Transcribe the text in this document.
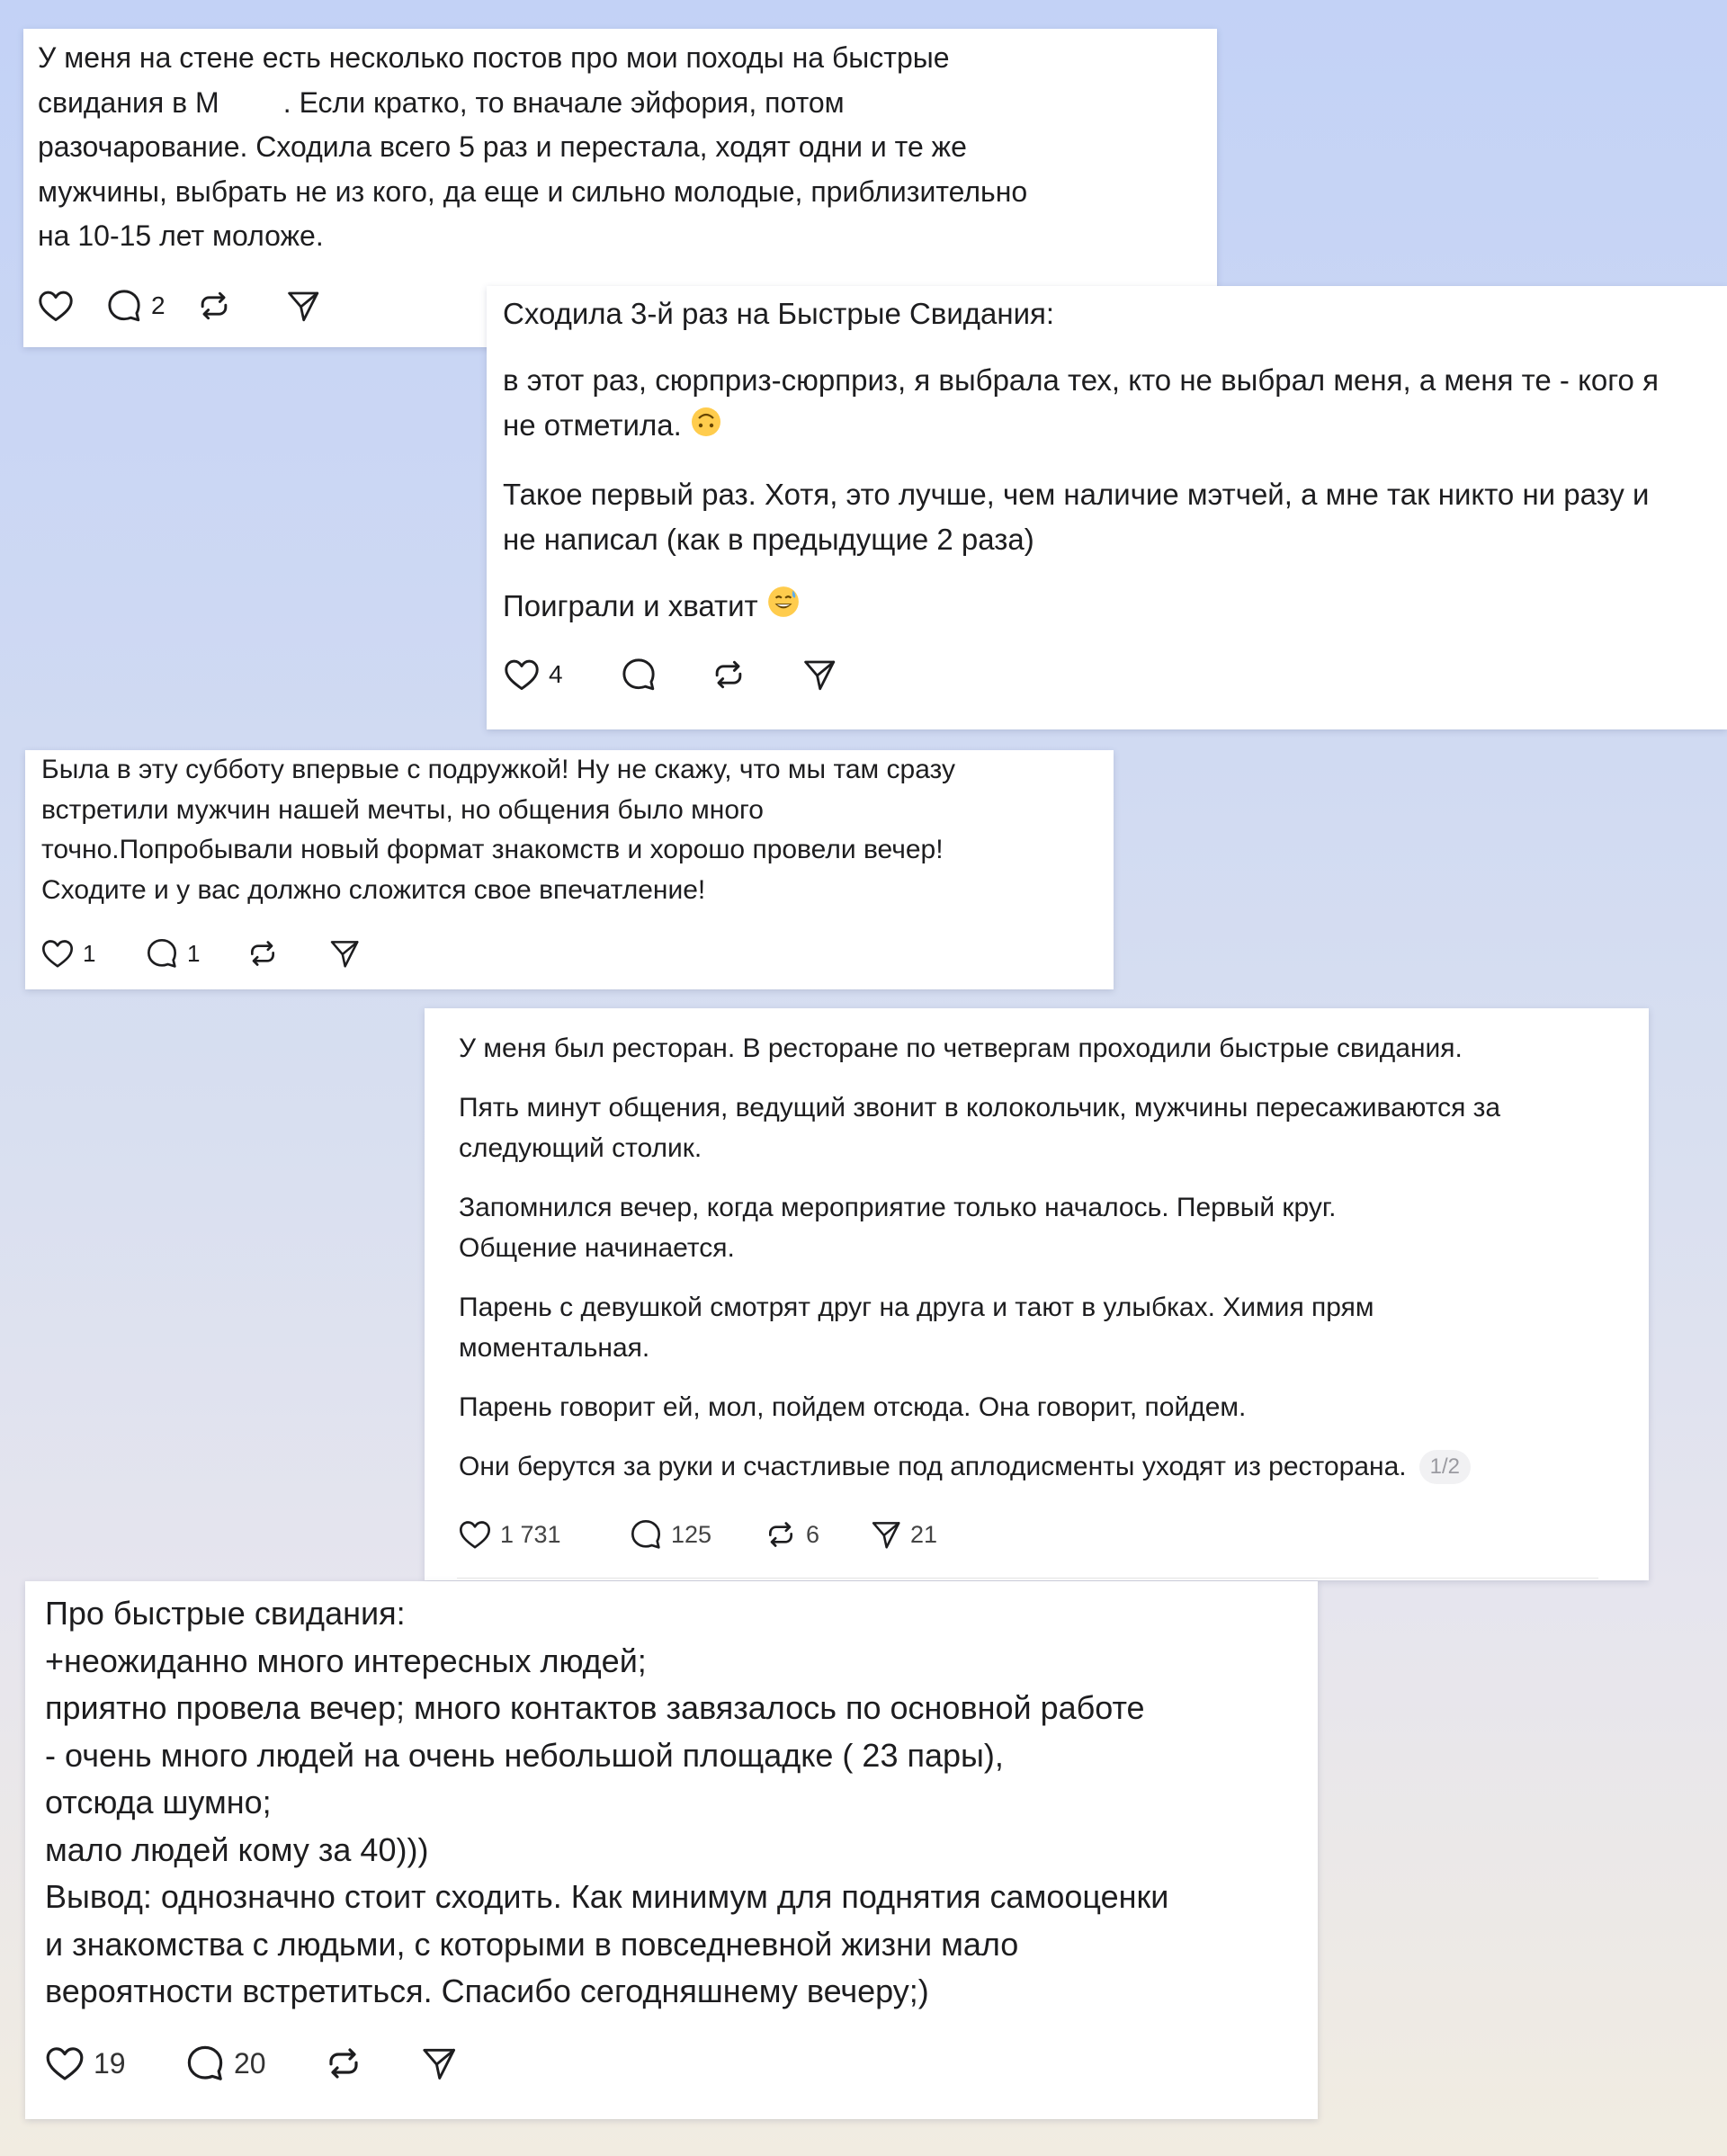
У меня на стене есть несколько постов про мои походы на быстрые

свидания в М        . Если кратко, то вначале эйфория, потом

разочарование. Сходила всего 5 раз и перестала, ходят одни и те же

мужчины, выбрать не из кого, да еще и сильно молодые, приблизительно

на 10-15 лет моложе.

2	Сходила 3-й раз на Быстрые Свидания:

в этот раз, сюрприз-сюрприз, я выбрала тех, кто не выбрал меня, а меня те - кого я не отметила.

Такое первый раз. Хотя, это лучше, чем наличие мэтчей, а мне так никто ни разу и не написал (как в предыдущие 2 раза)

Поиграли и хватит

4

Была в эту субботу впервые с подружкой! Ну не скажу, что мы там сразу

встретили мужчин нашей мечты, но общения было много

точно.Попробывали новый формат знакомств и хорошо провели вечер!

Сходите и у вас должно сложится свое впечатление!

1	1

У меня был ресторан. В ресторане по четвергам проходили быстрые свидания.

Пять минут общения, ведущий звонит в колокольчик, мужчины пересаживаются за следующий столик.

Запомнился вечер, когда мероприятие только началось. Первый круг. Общение начинается.

Парень с девушкой смотрят друг на друга и тают в улыбках. Химия прям моментальная.

Парень говорит ей, мол, пойдем отсюда. Она говорит, пойдем.

Они берутся за руки и счастливые под аплодисменты уходят из ресторана. 1/2

1 731	125	6	21

Про быстрые свидания:

+неожиданно много интересных людей;

приятно провела вечер; много контактов завязалось по основной работе

- очень много людей на очень небольшой площадке ( 23 пары),

отсюда шумно;

мало людей кому за 40)))

Вывод: однозначно стоит сходить. Как минимум для поднятия самооценки

и знакомства с людьми, с которыми в повседневной жизни мало

вероятности встретиться. Спасибо сегодняшнему вечеру;)

19	20
